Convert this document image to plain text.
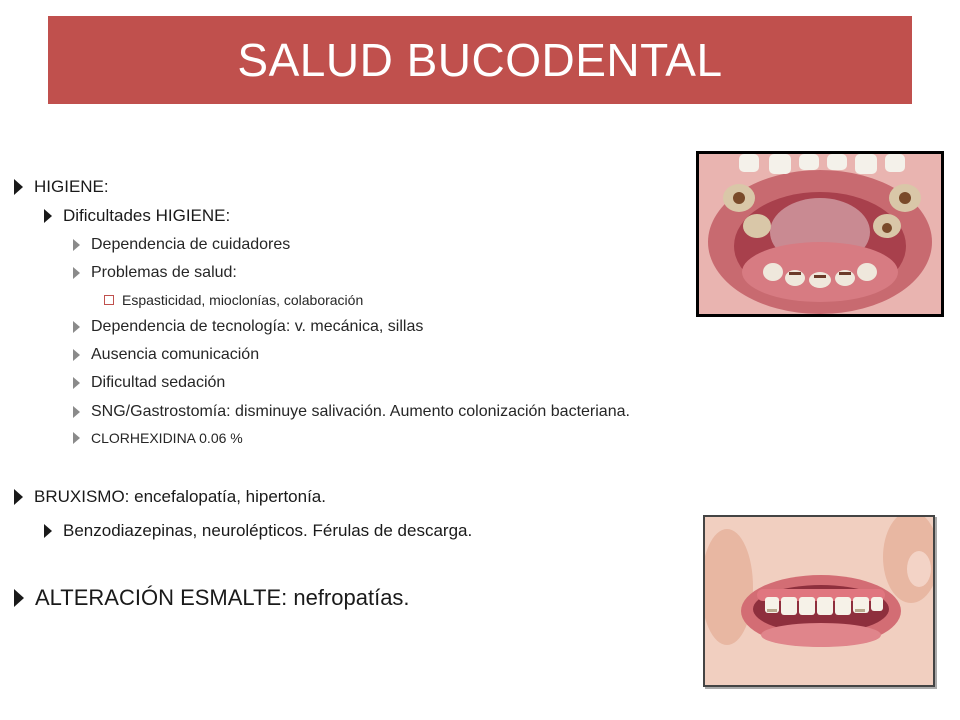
SALUD BUCODENTAL
HIGIENE:
Dificultades HIGIENE:
Dependencia de cuidadores
Problemas de salud:
Espasticidad, mioclonías, colaboración
Dependencia de tecnología: v. mecánica, sillas
Ausencia comunicación
Dificultad sedación
SNG/Gastrostomía: disminuye salivación. Aumento colonización bacteriana.
CLORHEXIDINA 0.06 %
BRUXISMO: encefalopatía, hipertonía.
Benzodiazepinas, neurolépticos. Férulas de descarga.
ALTERACIÓN ESMALTE: nefropatías.
